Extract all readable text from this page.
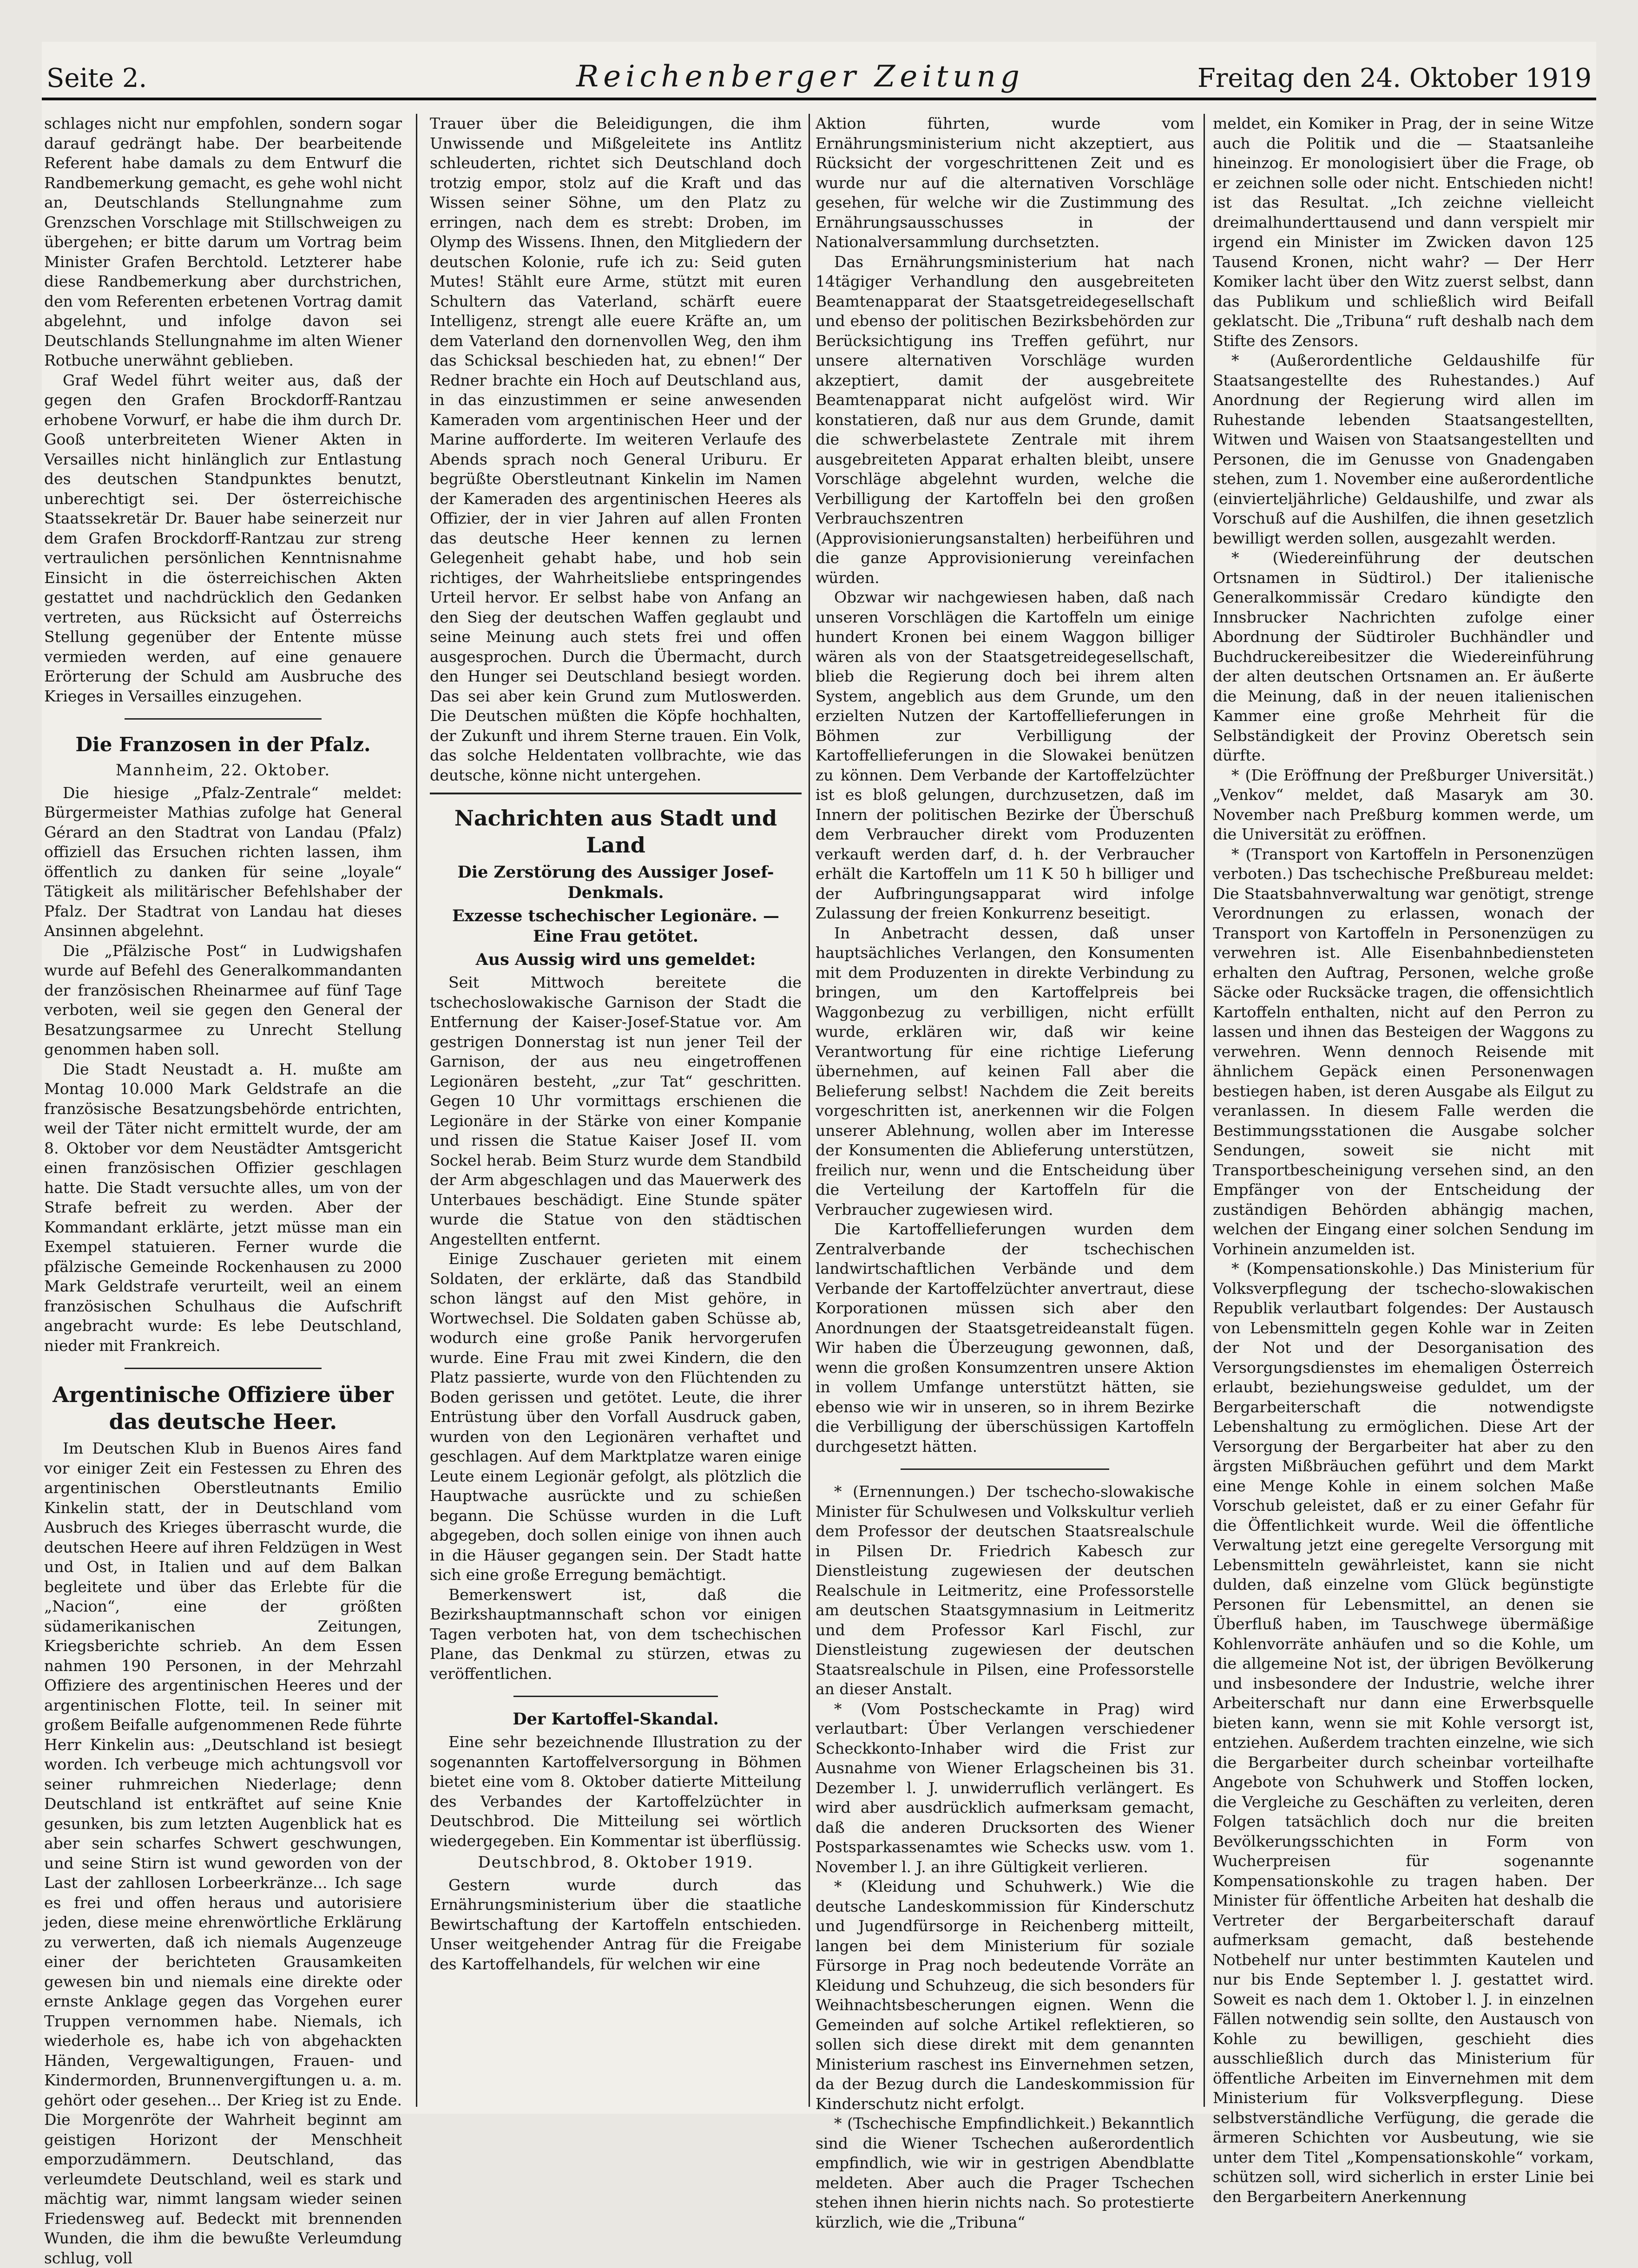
Seite 2.	Reichenberger Zeitung	Freitag den 24. Oktober 1919

schlages nicht nur empfohlen, sondern sogar darauf gedrängt habe. Der bearbeitende Referent habe damals zu dem Entwurf die Randbemerkung gemacht, es gehe wohl nicht an, Deutschlands Stellungnahme zum Grenzschen Vorschlage mit Stillschweigen zu übergehen; er bitte darum um Vortrag beim Minister Grafen Berchtold. Letzterer habe diese Randbemerkung aber durchstrichen, den vom Referenten erbetenen Vortrag damit abgelehnt, und infolge davon sei Deutschlands Stellungnahme im alten Wiener Rotbuche unerwähnt geblieben.

Graf Wedel führt weiter aus, daß der gegen den Grafen Brockdorff-Rantzau erhobene Vorwurf, er habe die ihm durch Dr. Gooß unterbreiteten Wiener Akten in Versailles nicht hinlänglich zur Entlastung des deutschen Standpunktes benutzt, unberechtigt sei. Der österreichische Staatssekretär Dr. Bauer habe seinerzeit nur dem Grafen Brockdorff-Rantzau zur streng vertraulichen persönlichen Kenntnisnahme Einsicht in die österreichischen Akten gestattet und nachdrücklich den Gedanken vertreten, aus Rücksicht auf Österreichs Stellung gegenüber der Entente müsse vermieden werden, auf eine genauere Erörterung der Schuld am Ausbruche des Krieges in Versailles einzugehen.

Die Franzosen in der Pfalz.
Mannheim, 22. Oktober.

Die hiesige „Pfalz-Zentrale“ meldet: Bürgermeister Mathias zufolge hat General Gérard an den Stadtrat von Landau (Pfalz) offiziell das Ersuchen richten lassen, ihm öffentlich zu danken für seine „loyale“ Tätigkeit als militärischer Befehlshaber der Pfalz. Der Stadtrat von Landau hat dieses Ansinnen abgelehnt.

Die „Pfälzische Post“ in Ludwigshafen wurde auf Befehl des Generalkommandanten der französischen Rheinarmee auf fünf Tage verboten, weil sie gegen den General der Besatzungsarmee zu Unrecht Stellung genommen haben soll.

Die Stadt Neustadt a. H. mußte am Montag 10.000 Mark Geldstrafe an die französische Besatzungsbehörde entrichten, weil der Täter nicht ermittelt wurde, der am 8. Oktober vor dem Neustädter Amtsgericht einen französischen Offizier geschlagen hatte. Die Stadt versuchte alles, um von der Strafe befreit zu werden. Aber der Kommandant erklärte, jetzt müsse man ein Exempel statuieren. Ferner wurde die pfälzische Gemeinde Rockenhausen zu 2000 Mark Geldstrafe verurteilt, weil an einem französischen Schulhaus die Aufschrift angebracht wurde: Es lebe Deutschland, nieder mit Frankreich.

Argentinische Offiziere über das deutsche Heer.

Im Deutschen Klub in Buenos Aires fand vor einiger Zeit ein Festessen zu Ehren des argentinischen Oberstleutnants Emilio Kinkelin statt, der in Deutschland vom Ausbruch des Krieges überrascht wurde, die deutschen Heere auf ihren Feldzügen in West und Ost, in Italien und auf dem Balkan begleitete und über das Erlebte für die „Nacion“, eine der größten südamerikanischen Zeitungen, Kriegsberichte schrieb. An dem Essen nahmen 190 Personen, in der Mehrzahl Offiziere des argentinischen Heeres und der argentinischen Flotte, teil. In seiner mit großem Beifalle aufgenommenen Rede führte Herr Kinkelin aus: „Deutschland ist besiegt worden. Ich verbeuge mich achtungsvoll vor seiner ruhmreichen Niederlage; denn Deutschland ist entkräftet auf seine Knie gesunken, bis zum letzten Augenblick hat es aber sein scharfes Schwert geschwungen, und seine Stirn ist wund geworden von der Last der zahllosen Lorbeerkränze... Ich sage es frei und offen heraus und autorisiere jeden, diese meine ehrenwörtliche Erklärung zu verwerten, daß ich niemals Augenzeuge einer der berichteten Grausamkeiten gewesen bin und niemals eine direkte oder ernste Anklage gegen das Vorgehen eurer Truppen vernommen habe. Niemals, ich wiederhole es, habe ich von abgehackten Händen, Vergewaltigungen, Frauen- und Kindermorden, Brunnenvergiftungen u. a. m. gehört oder gesehen... Der Krieg ist zu Ende. Die Morgenröte der Wahrheit beginnt am geistigen Horizont der Menschheit emporzudämmern. Deutschland, das verleumdete Deutschland, weil es stark und mächtig war, nimmt langsam wieder seinen Friedensweg auf. Bedeckt mit brennenden Wunden, die ihm die bewußte Verleumdung schlug, voll

Trauer über die Beleidigungen, die ihm Unwissende und Mißgeleitete ins Antlitz schleuderten, richtet sich Deutschland doch trotzig empor, stolz auf die Kraft und das Wissen seiner Söhne, um den Platz zu erringen, nach dem es strebt: Droben, im Olymp des Wissens. Ihnen, den Mitgliedern der deutschen Kolonie, rufe ich zu: Seid guten Mutes! Stählt eure Arme, stützt mit euren Schultern das Vaterland, schärft euere Intelligenz, strengt alle euere Kräfte an, um dem Vaterland den dornenvollen Weg, den ihm das Schicksal beschieden hat, zu ebnen!“ Der Redner brachte ein Hoch auf Deutschland aus, in das einzustimmen er seine anwesenden Kameraden vom argentinischen Heer und der Marine aufforderte. Im weiteren Verlaufe des Abends sprach noch General Uriburu. Er begrüßte Oberstleutnant Kinkelin im Namen der Kameraden des argentinischen Heeres als Offizier, der in vier Jahren auf allen Fronten das deutsche Heer kennen zu lernen Gelegenheit gehabt habe, und hob sein richtiges, der Wahrheitsliebe entspringendes Urteil hervor. Er selbst habe von Anfang an den Sieg der deutschen Waffen geglaubt und seine Meinung auch stets frei und offen ausgesprochen. Durch die Übermacht, durch den Hunger sei Deutschland besiegt worden. Das sei aber kein Grund zum Mutloswerden. Die Deutschen müßten die Köpfe hochhalten, der Zukunft und ihrem Sterne trauen. Ein Volk, das solche Heldentaten vollbrachte, wie das deutsche, könne nicht untergehen.

Nachrichten aus Stadt und Land
Die Zerstörung des Aussiger Josef-Denkmals.
Exzesse tschechischer Legionäre. — Eine Frau getötet.
Aus Aussig wird uns gemeldet:

Seit Mittwoch bereitete die tschechoslowakische Garnison der Stadt die Entfernung der Kaiser-Josef-Statue vor. Am gestrigen Donnerstag ist nun jener Teil der Garnison, der aus neu eingetroffenen Legionären besteht, „zur Tat“ geschritten. Gegen 10 Uhr vormittags erschienen die Legionäre in der Stärke von einer Kompanie und rissen die Statue Kaiser Josef II. vom Sockel herab. Beim Sturz wurde dem Standbild der Arm abgeschlagen und das Mauerwerk des Unterbaues beschädigt. Eine Stunde später wurde die Statue von den städtischen Angestellten entfernt.

Einige Zuschauer gerieten mit einem Soldaten, der erklärte, daß das Standbild schon längst auf den Mist gehöre, in Wortwechsel. Die Soldaten gaben Schüsse ab, wodurch eine große Panik hervorgerufen wurde. Eine Frau mit zwei Kindern, die den Platz passierte, wurde von den Flüchtenden zu Boden gerissen und getötet. Leute, die ihrer Entrüstung über den Vorfall Ausdruck gaben, wurden von den Legionären verhaftet und geschlagen. Auf dem Marktplatze waren einige Leute einem Legionär gefolgt, als plötzlich die Hauptwache ausrückte und zu schießen begann. Die Schüsse wurden in die Luft abgegeben, doch sollen einige von ihnen auch in die Häuser gegangen sein. Der Stadt hatte sich eine große Erregung bemächtigt.

Bemerkenswert ist, daß die Bezirkshauptmannschaft schon vor einigen Tagen verboten hat, von dem tschechischen Plane, das Denkmal zu stürzen, etwas zu veröffentlichen.

Der Kartoffel-Skandal.

Eine sehr bezeichnende Illustration zu der sogenannten Kartoffelversorgung in Böhmen bietet eine vom 8. Oktober datierte Mitteilung des Verbandes der Kartoffelzüchter in Deutschbrod. Die Mitteilung sei wörtlich wiedergegeben. Ein Kommentar ist überflüssig.

Deutschbrod, 8. Oktober 1919.

Gestern wurde durch das Ernährungsministerium über die staatliche Bewirtschaftung der Kartoffeln entschieden. Unser weitgehender Antrag für die Freigabe des Kartoffelhandels, für welchen wir eine

Aktion führten, wurde vom Ernährungsministerium nicht akzeptiert, aus Rücksicht der vorgeschrittenen Zeit und es wurde nur auf die alternativen Vorschläge gesehen, für welche wir die Zustimmung des Ernährungsausschusses in der Nationalversammlung durchsetzten.

Das Ernährungsministerium hat nach 14tägiger Verhandlung den ausgebreiteten Beamtenapparat der Staatsgetreidegesellschaft und ebenso der politischen Bezirksbehörden zur Berücksichtigung ins Treffen geführt, nur unsere alternativen Vorschläge wurden akzeptiert, damit der ausgebreitete Beamtenapparat nicht aufgelöst wird. Wir konstatieren, daß nur aus dem Grunde, damit die schwerbelastete Zentrale mit ihrem ausgebreiteten Apparat erhalten bleibt, unsere Vorschläge abgelehnt wurden, welche die Verbilligung der Kartoffeln bei den großen Verbrauchszentren (Approvisionierungsanstalten) herbeiführen und die ganze Approvisionierung vereinfachen würden.

Obzwar wir nachgewiesen haben, daß nach unseren Vorschlägen die Kartoffeln um einige hundert Kronen bei einem Waggon billiger wären als von der Staatsgetreidegesellschaft, blieb die Regierung doch bei ihrem alten System, angeblich aus dem Grunde, um den erzielten Nutzen der Kartoffellieferungen in Böhmen zur Verbilligung der Kartoffellieferungen in die Slowakei benützen zu können. Dem Verbande der Kartoffelzüchter ist es bloß gelungen, durchzusetzen, daß im Innern der politischen Bezirke der Überschuß dem Verbraucher direkt vom Produzenten verkauft werden darf, d. h. der Verbraucher erhält die Kartoffeln um 11 K 50 h billiger und der Aufbringungsapparat wird infolge Zulassung der freien Konkurrenz beseitigt.

In Anbetracht dessen, daß unser hauptsächliches Verlangen, den Konsumenten mit dem Produzenten in direkte Verbindung zu bringen, um den Kartoffelpreis bei Waggonbezug zu verbilligen, nicht erfüllt wurde, erklären wir, daß wir keine Verantwortung für eine richtige Lieferung übernehmen, auf keinen Fall aber die Belieferung selbst! Nachdem die Zeit bereits vorgeschritten ist, anerkennen wir die Folgen unserer Ablehnung, wollen aber im Interesse der Konsumenten die Ablieferung unterstützen, freilich nur, wenn und die Entscheidung über die Verteilung der Kartoffeln für die Verbraucher zugewiesen wird.

Die Kartoffellieferungen wurden dem Zentralverbande der tschechischen landwirtschaftlichen Verbände und dem Verbande der Kartoffelzüchter anvertraut, diese Korporationen müssen sich aber den Anordnungen der Staatsgetreideanstalt fügen. Wir haben die Überzeugung gewonnen, daß, wenn die großen Konsumzentren unsere Aktion in vollem Umfange unterstützt hätten, sie ebenso wie wir in unseren, so in ihrem Bezirke die Verbilligung der überschüssigen Kartoffeln durchgesetzt hätten.

* (Ernennungen.) Der tschecho-slowakische Minister für Schulwesen und Volkskultur verlieh dem Professor der deutschen Staatsrealschule in Pilsen Dr. Friedrich Kabesch zur Dienstleistung zugewiesen der deutschen Realschule in Leitmeritz, eine Professorstelle am deutschen Staatsgymnasium in Leitmeritz und dem Professor Karl Fischl, zur Dienstleistung zugewiesen der deutschen Staatsrealschule in Pilsen, eine Professorstelle an dieser Anstalt.

* (Vom Postscheckamte in Prag) wird verlautbart: Über Verlangen verschiedener Scheckkonto-Inhaber wird die Frist zur Ausnahme von Wiener Erlagscheinen bis 31. Dezember l. J. unwiderruflich verlängert. Es wird aber ausdrücklich aufmerksam gemacht, daß die anderen Drucksorten des Wiener Postsparkassenamtes wie Schecks usw. vom 1. November l. J. an ihre Gültigkeit verlieren.

* (Kleidung und Schuhwerk.) Wie die deutsche Landeskommission für Kinderschutz und Jugendfürsorge in Reichenberg mitteilt, langen bei dem Ministerium für soziale Fürsorge in Prag noch bedeutende Vorräte an Kleidung und Schuhzeug, die sich besonders für Weihnachtsbescherungen eignen. Wenn die Gemeinden auf solche Artikel reflektieren, so sollen sich diese direkt mit dem genannten Ministerium raschest ins Einvernehmen setzen, da der Bezug durch die Landeskommission für Kinderschutz nicht erfolgt.

* (Tschechische Empfindlichkeit.) Bekanntlich sind die Wiener Tschechen außerordentlich empfindlich, wie wir in gestrigen Abendblatte meldeten. Aber auch die Prager Tschechen stehen ihnen hierin nichts nach. So protestierte kürzlich, wie die „Tribuna“

meldet, ein Komiker in Prag, der in seine Witze auch die Politik und die — Staatsanleihe hineinzog. Er monologisiert über die Frage, ob er zeichnen solle oder nicht. Entschieden nicht! ist das Resultat. „Ich zeichne vielleicht dreimalhunderttausend und dann verspielt mir irgend ein Minister im Zwicken davon 125 Tausend Kronen, nicht wahr? — Der Herr Komiker lacht über den Witz zuerst selbst, dann das Publikum und schließlich wird Beifall geklatscht. Die „Tribuna“ ruft deshalb nach dem Stifte des Zensors.

* (Außerordentliche Geldaushilfe für Staatsangestellte des Ruhestandes.) Auf Anordnung der Regierung wird allen im Ruhestande lebenden Staatsangestellten, Witwen und Waisen von Staatsangestellten und Personen, die im Genusse von Gnadengaben stehen, zum 1. November eine außerordentliche (einvierteljährliche) Geldaushilfe, und zwar als Vorschuß auf die Aushilfen, die ihnen gesetzlich bewilligt werden sollen, ausgezahlt werden.

* (Wiedereinführung der deutschen Ortsnamen in Südtirol.) Der italienische Generalkommissär Credaro kündigte den Innsbrucker Nachrichten zufolge einer Abordnung der Südtiroler Buchhändler und Buchdruckereibesitzer die Wiedereinführung der alten deutschen Ortsnamen an. Er äußerte die Meinung, daß in der neuen italienischen Kammer eine große Mehrheit für die Selbständigkeit der Provinz Oberetsch sein dürfte.

* (Die Eröffnung der Preßburger Universität.) „Venkov“ meldet, daß Masaryk am 30. November nach Preßburg kommen werde, um die Universität zu eröffnen.

* (Transport von Kartoffeln in Personenzügen verboten.) Das tschechische Preßbureau meldet: Die Staatsbahnverwaltung war genötigt, strenge Verordnungen zu erlassen, wonach der Transport von Kartoffeln in Personenzügen zu verwehren ist. Alle Eisenbahnbediensteten erhalten den Auftrag, Personen, welche große Säcke oder Rucksäcke tragen, die offensichtlich Kartoffeln enthalten, nicht auf den Perron zu lassen und ihnen das Besteigen der Waggons zu verwehren. Wenn dennoch Reisende mit ähnlichem Gepäck einen Personenwagen bestiegen haben, ist deren Ausgabe als Eilgut zu veranlassen. In diesem Falle werden die Bestimmungsstationen die Ausgabe solcher Sendungen, soweit sie nicht mit Transportbescheinigung versehen sind, an den Empfänger von der Entscheidung der zuständigen Behörden abhängig machen, welchen der Eingang einer solchen Sendung im Vorhinein anzumelden ist.

* (Kompensationskohle.) Das Ministerium für Volksverpflegung der tschecho-slowakischen Republik verlautbart folgendes: Der Austausch von Lebensmitteln gegen Kohle war in Zeiten der Not und der Desorganisation des Versorgungsdienstes im ehemaligen Österreich erlaubt, beziehungsweise geduldet, um der Bergarbeiterschaft die notwendigste Lebenshaltung zu ermöglichen. Diese Art der Versorgung der Bergarbeiter hat aber zu den ärgsten Mißbräuchen geführt und dem Markt eine Menge Kohle in einem solchen Maße Vorschub geleistet, daß er zu einer Gefahr für die Öffentlichkeit wurde. Weil die öffentliche Verwaltung jetzt eine geregelte Versorgung mit Lebensmitteln gewährleistet, kann sie nicht dulden, daß einzelne vom Glück begünstigte Personen für Lebensmittel, an denen sie Überfluß haben, im Tauschwege übermäßige Kohlenvorräte anhäufen und so die Kohle, um die allgemeine Not ist, der übrigen Bevölkerung und insbesondere der Industrie, welche ihrer Arbeiterschaft nur dann eine Erwerbsquelle bieten kann, wenn sie mit Kohle versorgt ist, entziehen. Außerdem trachten einzelne, wie sich die Bergarbeiter durch scheinbar vorteilhafte Angebote von Schuhwerk und Stoffen locken, die Vergleiche zu Geschäften zu verleiten, deren Folgen tatsächlich doch nur die breiten Bevölkerungsschichten in Form von Wucherpreisen für sogenannte Kompensationskohle zu tragen haben. Der Minister für öffentliche Arbeiten hat deshalb die Vertreter der Bergarbeiterschaft darauf aufmerksam gemacht, daß bestehende Notbehelf nur unter bestimmten Kautelen und nur bis Ende September l. J. gestattet wird. Soweit es nach dem 1. Oktober l. J. in einzelnen Fällen notwendig sein sollte, den Austausch von Kohle zu bewilligen, geschieht dies ausschließlich durch das Ministerium für öffentliche Arbeiten im Einvernehmen mit dem Ministerium für Volksverpflegung. Diese selbstverständliche Verfügung, die gerade die ärmeren Schichten vor Ausbeutung, wie sie unter dem Titel „Kompensationskohle“ vorkam, schützen soll, wird sicherlich in erster Linie bei den Bergarbeitern Anerkennung
